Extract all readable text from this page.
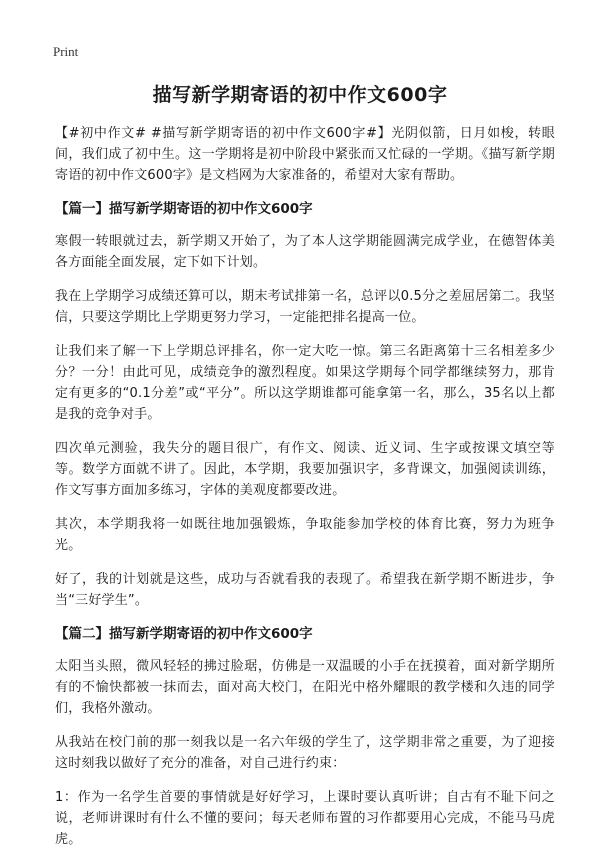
Print
描写新学期寄语的初中作文600字

【#初中作文# #描写新学期寄语的初中作文600字#】光阴似箭，日月如梭，转眼间，我们成了初中生。这一学期将是初中阶段中紧张而又忙碌的一学期。《描写新学期寄语的初中作文600字》是文档网为大家准备的，希望对大家有帮助。

【篇一】描写新学期寄语的初中作文600字

寒假一转眼就过去，新学期又开始了，为了本人这学期能圆满完成学业，在德智体美各方面能全面发展，定下如下计划。

我在上学期学习成绩还算可以，期末考试排第一名，总评以0.5分之差屈居第二。我坚信，只要这学期比上学期更努力学习，一定能把排名提高一位。

让我们来了解一下上学期总评排名，你一定大吃一惊。第三名距离第十三名相差多少分？一分！由此可见，成绩竞争的激烈程度。如果这学期每个同学都继续努力，那肯定有更多的“0.1分差”或“平分”。所以这学期谁都可能拿第一名，那么，35名以上都是我的竞争对手。

四次单元测验，我失分的题目很广，有作文、阅读、近义词、生字或按课文填空等等。数学方面就不讲了。因此，本学期，我要加强识字，多背课文，加强阅读训练，作文写事方面加多练习，字体的美观度都要改进。

其次，本学期我将一如既往地加强锻炼，争取能参加学校的体育比赛，努力为班争光。

好了，我的计划就是这些，成功与否就看我的表现了。希望我在新学期不断进步，争当“三好学生”。

【篇二】描写新学期寄语的初中作文600字

太阳当头照，微风轻轻的拂过脸琚，仿佛是一双温暖的小手在抚摸着，面对新学期所有的不愉快都被一抹而去，面对高大校门，在阳光中格外耀眼的教学楼和久违的同学们，我格外激动。

从我站在校门前的那一刻我以是一名六年级的学生了，这学期非常之重要，为了迎接这时刻我以做好了充分的准备，对自己进行约束：

1：作为一名学生首要的事情就是好好学习，上课时要认真听讲；自古有不耻下问之说，老师讲课时有什么不懂的要问；每天老师布置的习作都要用心完成，不能马马虎虎。
